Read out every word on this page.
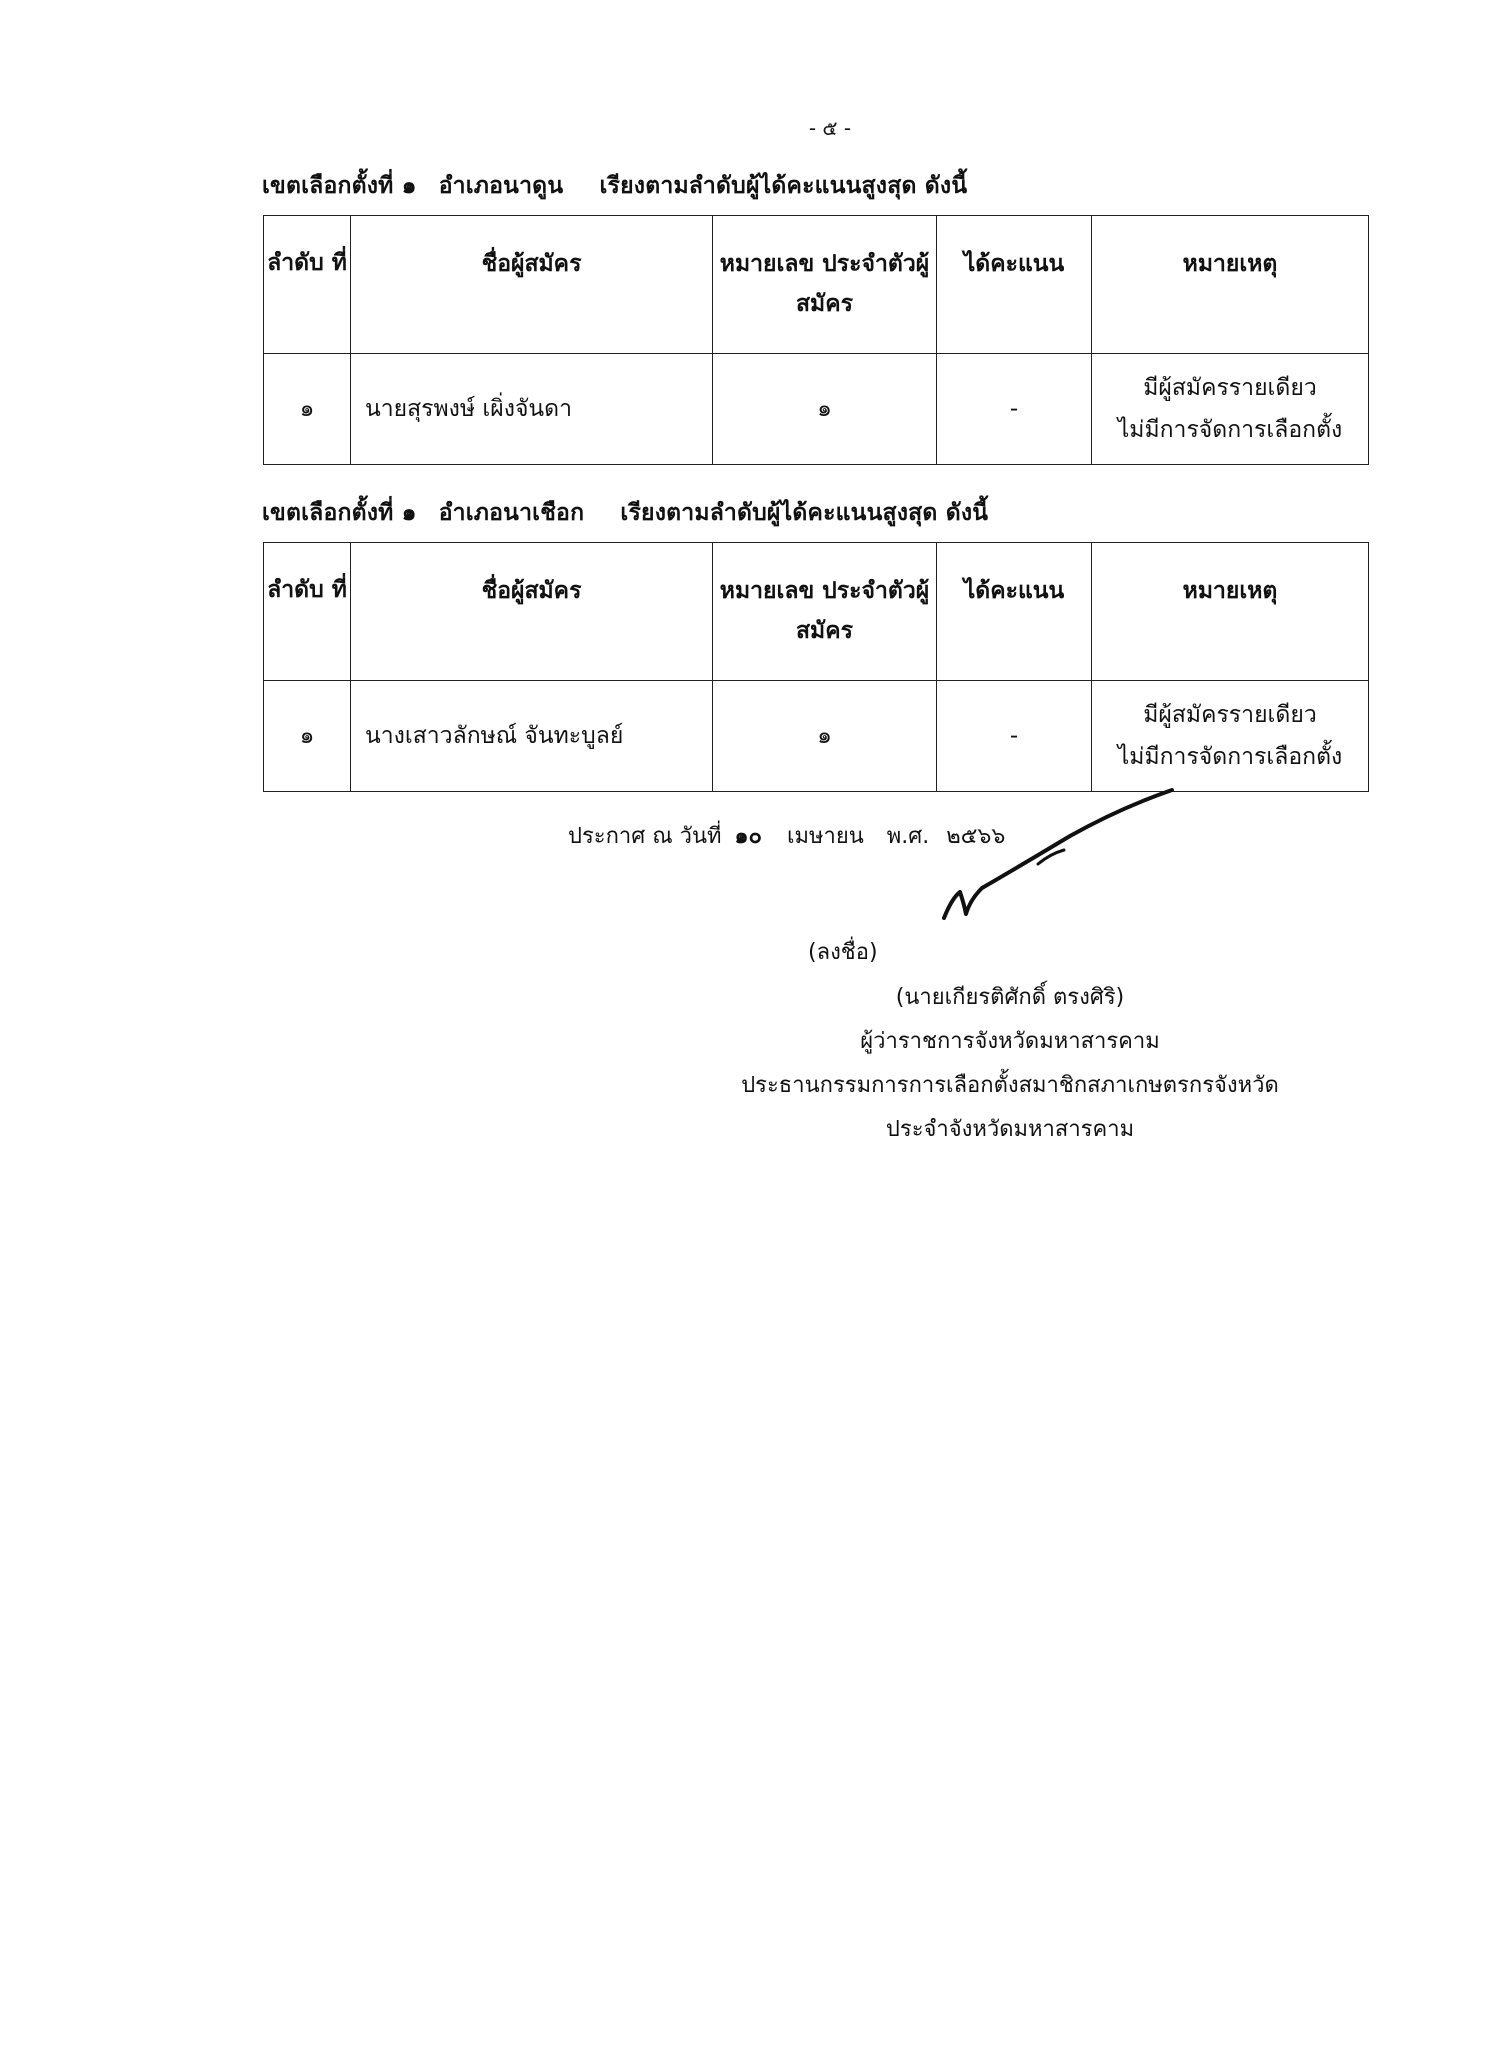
- ๕ -
เขตเลือกตั้งที่ ๑ อำเภอนาดูน เรียงตามลำดับผู้ได้คะแนนสูงสุด ดังนี้
ลำดับ ที่	ชื่อผู้สมัคร	หมายเลข ประจำตัวผู้สมัคร	ได้คะแนน	หมายเหตุ
๑	นายสุรพงษ์ เผิ่งจันดา	๑	-	มีผู้สมัครรายเดียว
ไม่มีการจัดการเลือกตั้ง
เขตเลือกตั้งที่ ๑ อำเภอนาเชือก เรียงตามลำดับผู้ได้คะแนนสูงสุด ดังนี้
ลำดับ ที่	ชื่อผู้สมัคร	หมายเลข ประจำตัวผู้สมัคร	ได้คะแนน	หมายเหตุ
๑	นางเสาวลักษณ์ จันทะบูลย์	๑	-	มีผู้สมัครรายเดียว
ไม่มีการจัดการเลือกตั้ง
ประกาศ ณ วันที่ ๑๐ เมษายน พ.ศ. ๒๕๖๖
(ลงชื่อ)
(นายเกียรติศักดิ์ ตรงศิริ)
ผู้ว่าราชการจังหวัดมหาสารคาม
ประธานกรรมการการเลือกตั้งสมาชิกสภาเกษตรกรจังหวัด
ประจำจังหวัดมหาสารคาม
